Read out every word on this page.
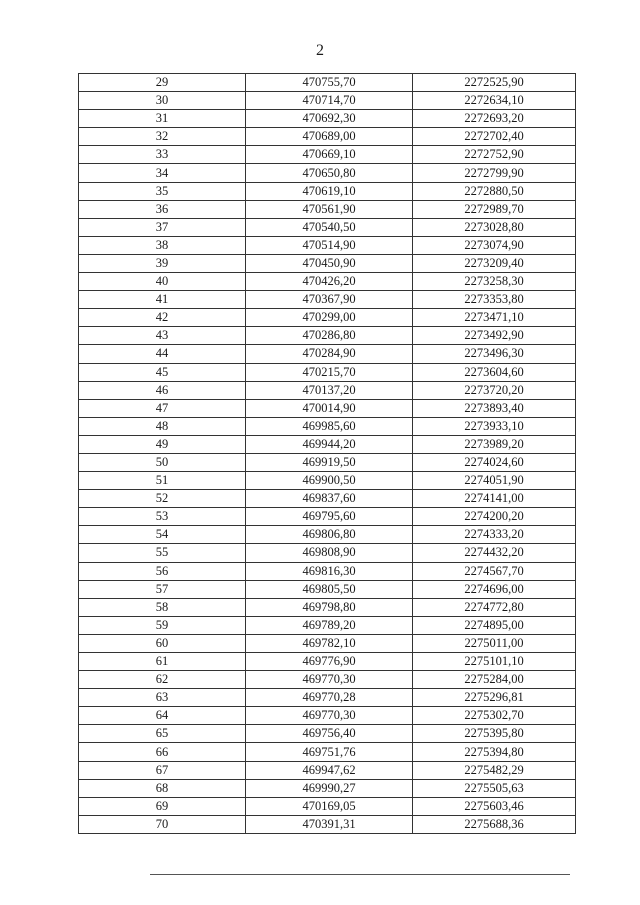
2
29	470755,70	2272525,90
30	470714,70	2272634,10
31	470692,30	2272693,20
32	470689,00	2272702,40
33	470669,10	2272752,90
34	470650,80	2272799,90
35	470619,10	2272880,50
36	470561,90	2272989,70
37	470540,50	2273028,80
38	470514,90	2273074,90
39	470450,90	2273209,40
40	470426,20	2273258,30
41	470367,90	2273353,80
42	470299,00	2273471,10
43	470286,80	2273492,90
44	470284,90	2273496,30
45	470215,70	2273604,60
46	470137,20	2273720,20
47	470014,90	2273893,40
48	469985,60	2273933,10
49	469944,20	2273989,20
50	469919,50	2274024,60
51	469900,50	2274051,90
52	469837,60	2274141,00
53	469795,60	2274200,20
54	469806,80	2274333,20
55	469808,90	2274432,20
56	469816,30	2274567,70
57	469805,50	2274696,00
58	469798,80	2274772,80
59	469789,20	2274895,00
60	469782,10	2275011,00
61	469776,90	2275101,10
62	469770,30	2275284,00
63	469770,28	2275296,81
64	469770,30	2275302,70
65	469756,40	2275395,80
66	469751,76	2275394,80
67	469947,62	2275482,29
68	469990,27	2275505,63
69	470169,05	2275603,46
70	470391,31	2275688,36
